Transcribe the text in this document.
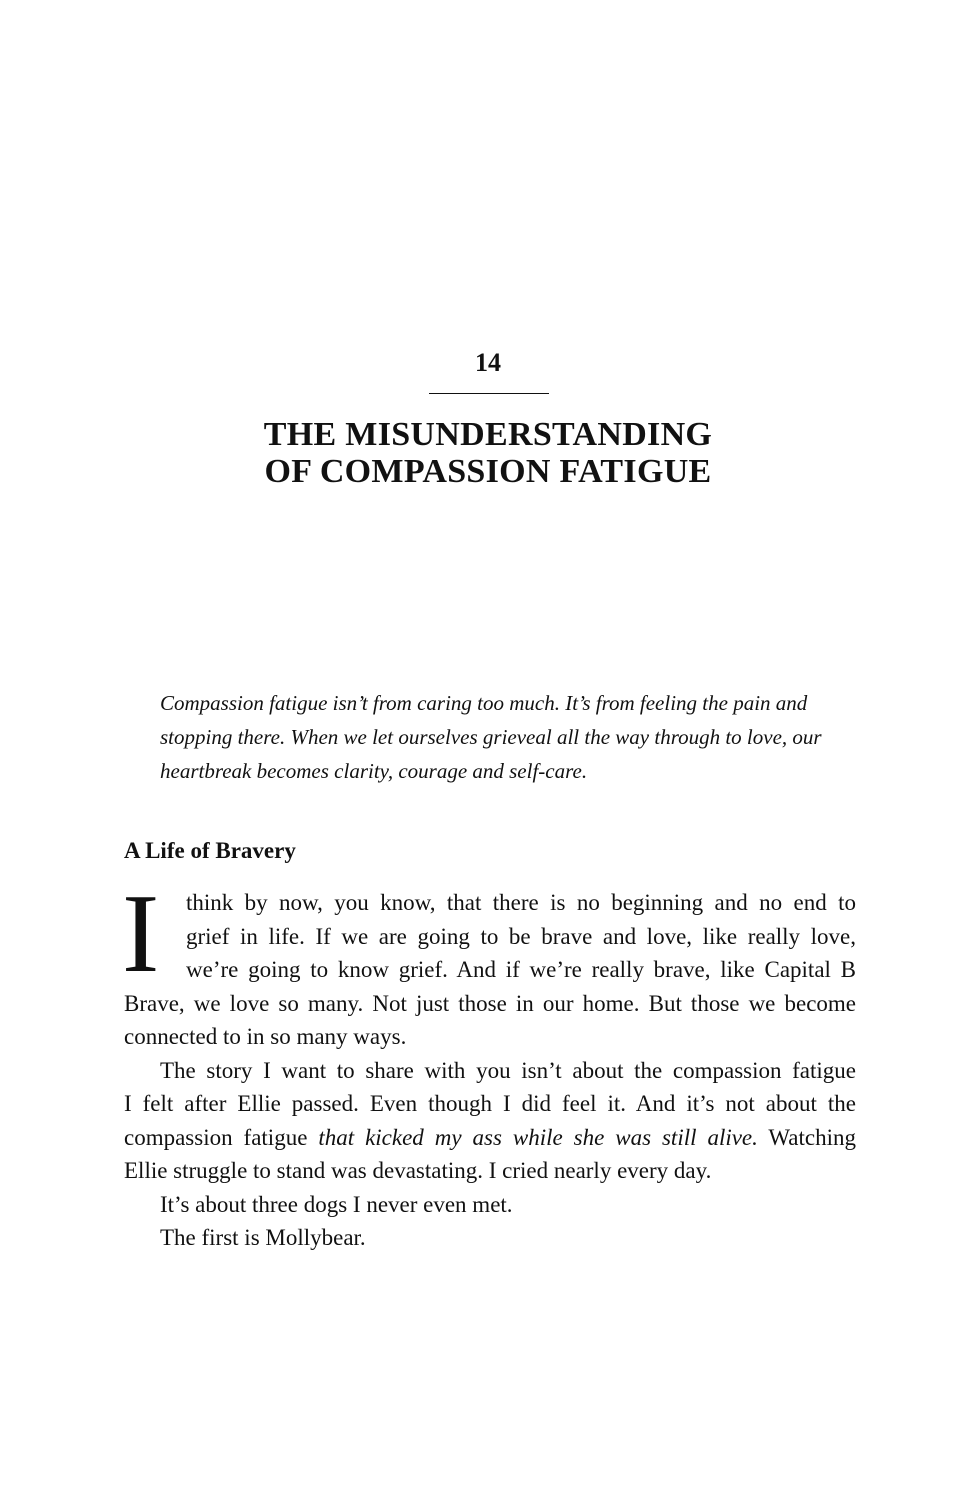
14
THE MISUNDERSTANDING
OF COMPASSION FATIGUE
Compassion fatigue isn’t from caring too much. It’s from feeling the pain and
stopping there. When we let ourselves grieveal all the way through to love, our
heartbreak becomes clarity, courage and self-care.
A Life of Bravery
I	think by now, you know, that there is no beginning and no end to
grief in life. If we are going to be brave and love, like really love,
we’re going to know grief. And if we’re really brave, like Capital B
Brave, we love so many. Not just those in our home. But those we become
connected to in so many ways.
The story I want to share with you isn’t about the compassion fatigue
I felt after Ellie passed. Even though I did feel it. And it’s not about the
compassion fatigue that kicked my ass while she was still alive. Watching
Ellie struggle to stand was devastating. I cried nearly every day.
It’s about three dogs I never even met.
The first is Mollybear.
